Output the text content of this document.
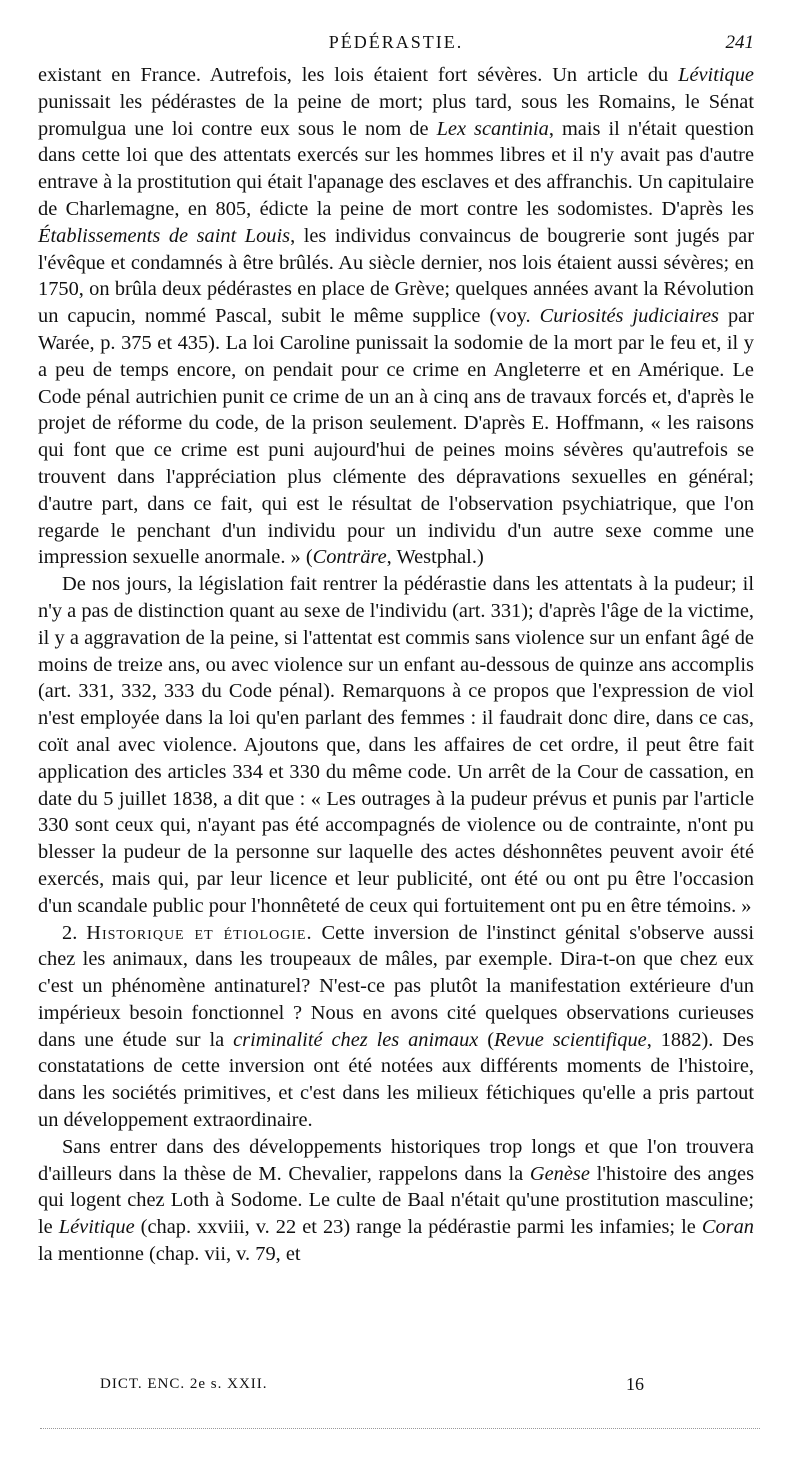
PÉDÉRASTIE.	241

existant en France. Autrefois, les lois étaient fort sévères. Un article du Lévitique punissait les pédérastes de la peine de mort; plus tard, sous les Romains, le Sénat promulgua une loi contre eux sous le nom de Lex scantinia, mais il n'était question dans cette loi que des attentats exercés sur les hommes libres et il n'y avait pas d'autre entrave à la prostitution qui était l'apanage des esclaves et des affranchis. Un capitulaire de Charlemagne, en 805, édicte la peine de mort contre les sodomistes. D'après les Établissements de saint Louis, les individus convaincus de bougrerie sont jugés par l'évêque et condamnés à être brûlés. Au siècle dernier, nos lois étaient aussi sévères; en 1750, on brûla deux pédérastes en place de Grève; quelques années avant la Révolution un capucin, nommé Pascal, subit le même supplice (voy. Curiosités judiciaires par Warée, p. 375 et 435). La loi Caroline punissait la sodomie de la mort par le feu et, il y a peu de temps encore, on pendait pour ce crime en Angleterre et en Amérique. Le Code pénal autrichien punit ce crime de un an à cinq ans de travaux forcés et, d'après le projet de réforme du code, de la prison seulement. D'après E. Hoffmann, « les raisons qui font que ce crime est puni aujourd'hui de peines moins sévères qu'autrefois se trouvent dans l'appréciation plus clémente des dépravations sexuelles en général; d'autre part, dans ce fait, qui est le résultat de l'observation psychiatrique, que l'on regarde le penchant d'un individu pour un individu d'un autre sexe comme une impression sexuelle anormale. » (Conträre, Westphal.)

De nos jours, la législation fait rentrer la pédérastie dans les attentats à la pudeur; il n'y a pas de distinction quant au sexe de l'individu (art. 331); d'après l'âge de la victime, il y a aggravation de la peine, si l'attentat est commis sans violence sur un enfant âgé de moins de treize ans, ou avec violence sur un enfant au-dessous de quinze ans accomplis (art. 331, 332, 333 du Code pénal). Remarquons à ce propos que l'expression de viol n'est employée dans la loi qu'en parlant des femmes : il faudrait donc dire, dans ce cas, coït anal avec violence. Ajoutons que, dans les affaires de cet ordre, il peut être fait application des articles 334 et 330 du même code. Un arrêt de la Cour de cassation, en date du 5 juillet 1838, a dit que : « Les outrages à la pudeur prévus et punis par l'article 330 sont ceux qui, n'ayant pas été accompagnés de violence ou de contrainte, n'ont pu blesser la pudeur de la personne sur laquelle des actes déshonnêtes peuvent avoir été exercés, mais qui, par leur licence et leur publicité, ont été ou ont pu être l'occasion d'un scandale public pour l'honnêteté de ceux qui fortuitement ont pu en être témoins. »

2. Historique et étiologie. Cette inversion de l'instinct génital s'observe aussi chez les animaux, dans les troupeaux de mâles, par exemple. Dira-t-on que chez eux c'est un phénomène antinaturel? N'est-ce pas plutôt la manifestation extérieure d'un impérieux besoin fonctionnel ? Nous en avons cité quelques observations curieuses dans une étude sur la criminalité chez les animaux (Revue scientifique, 1882). Des constatations de cette inversion ont été notées aux différents moments de l'histoire, dans les sociétés primitives, et c'est dans les milieux fétichiques qu'elle a pris partout un développement extraordinaire.

Sans entrer dans des développements historiques trop longs et que l'on trouvera d'ailleurs dans la thèse de M. Chevalier, rappelons dans la Genèse l'histoire des anges qui logent chez Loth à Sodome. Le culte de Baal n'était qu'une prostitution masculine; le Lévitique (chap. xxviii, v. 22 et 23) range la pédérastie parmi les infamies; le Coran la mentionne (chap. vii, v. 79, et

DICT. ENC. 2e s. XXII.	16
